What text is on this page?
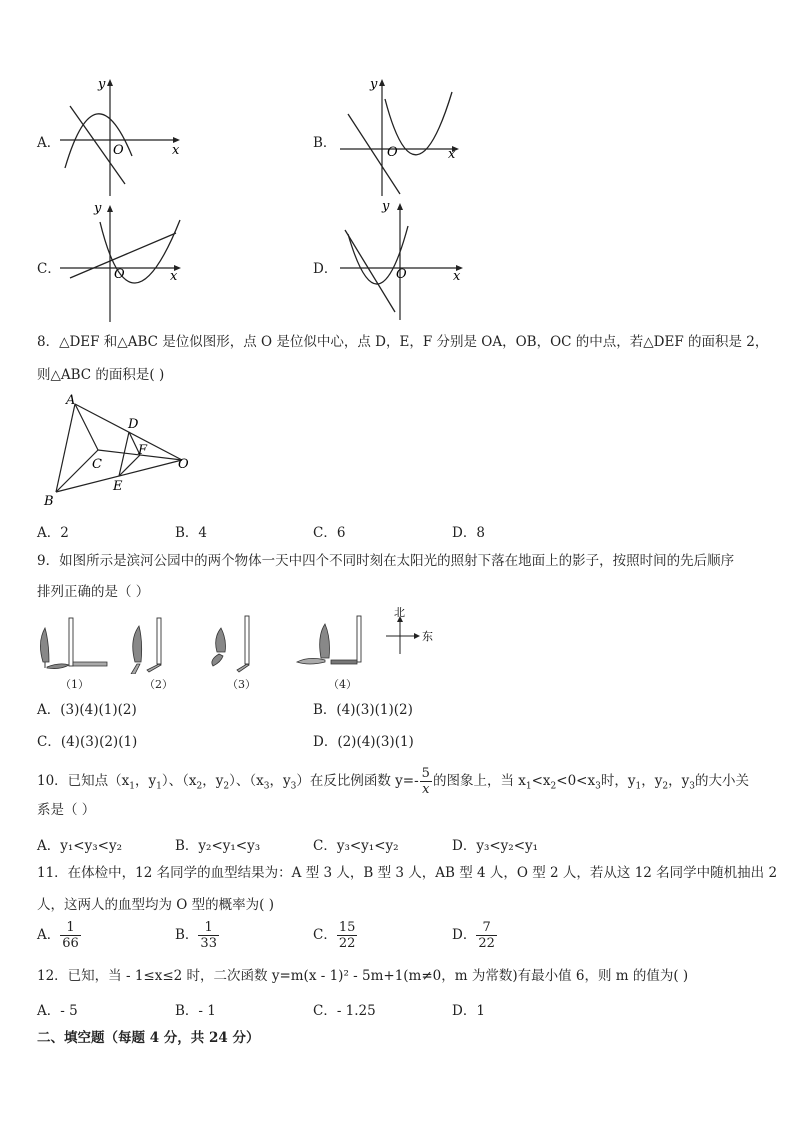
A．
y
x
O	B．
y
x
O
C．
y
x
O	D．
y
x
O
8．△DEF 和△ABC 是位似图形，点 O 是位似中心，点 D，E，F 分别是 OA，OB，OC 的中点，若△DEF 的面积是 2，
则△ABC 的面积是( )
A
B
C
D
E
F
O
A．2	B．4	C．6	D．8
9．如图所示是滨河公园中的两个物体一天中四个不同时刻在太阳光的照射下落在地面上的影子，按照时间的先后顺序
排列正确的是（ ）
（1）	（2）	（3）	（4）
北
东
A．(3)(4)(1)(2)	B．(4)(3)(1)(2)
C．(4)(3)(2)(1)	D．(2)(4)(3)(1)
10．已知点（$x_1$，$y_1$）、（$x_2$，$y_2$）、（$x_3$，$y_3$）在反比例函数 $y=- \frac{5}{x}$ 的图象上，当 $x_1<x_2<0<x_3$时，$y_1$，$y_2$，$y_3$的大小关
系是（ ）
A．y₁<y₃<y₂	B．y₂<y₁<y₃	C．y₃<y₁<y₂	D．y₃<y₂<y₁
11．在体检中，12 名同学的血型结果为：A 型 3 人，B 型 3 人，AB 型 4 人，O 型 2 人，若从这 12 名同学中随机抽出 2
人，这两人的血型均为 O 型的概率为( )
A． $\frac{1}{66}$	B． $\frac{1}{33}$	C． $\frac{15}{22}$	D． $\frac{7}{22}$
12．已知，当 - 1≤x≤2 时，二次函数 y=m(x - 1)² - 5m+1(m≠0，m 为常数)有最小值 6，则 m 的值为( )
A．- 5	B．- 1	C．- 1.25	D．1
二、填空题（每题 4 分，共 24 分）
